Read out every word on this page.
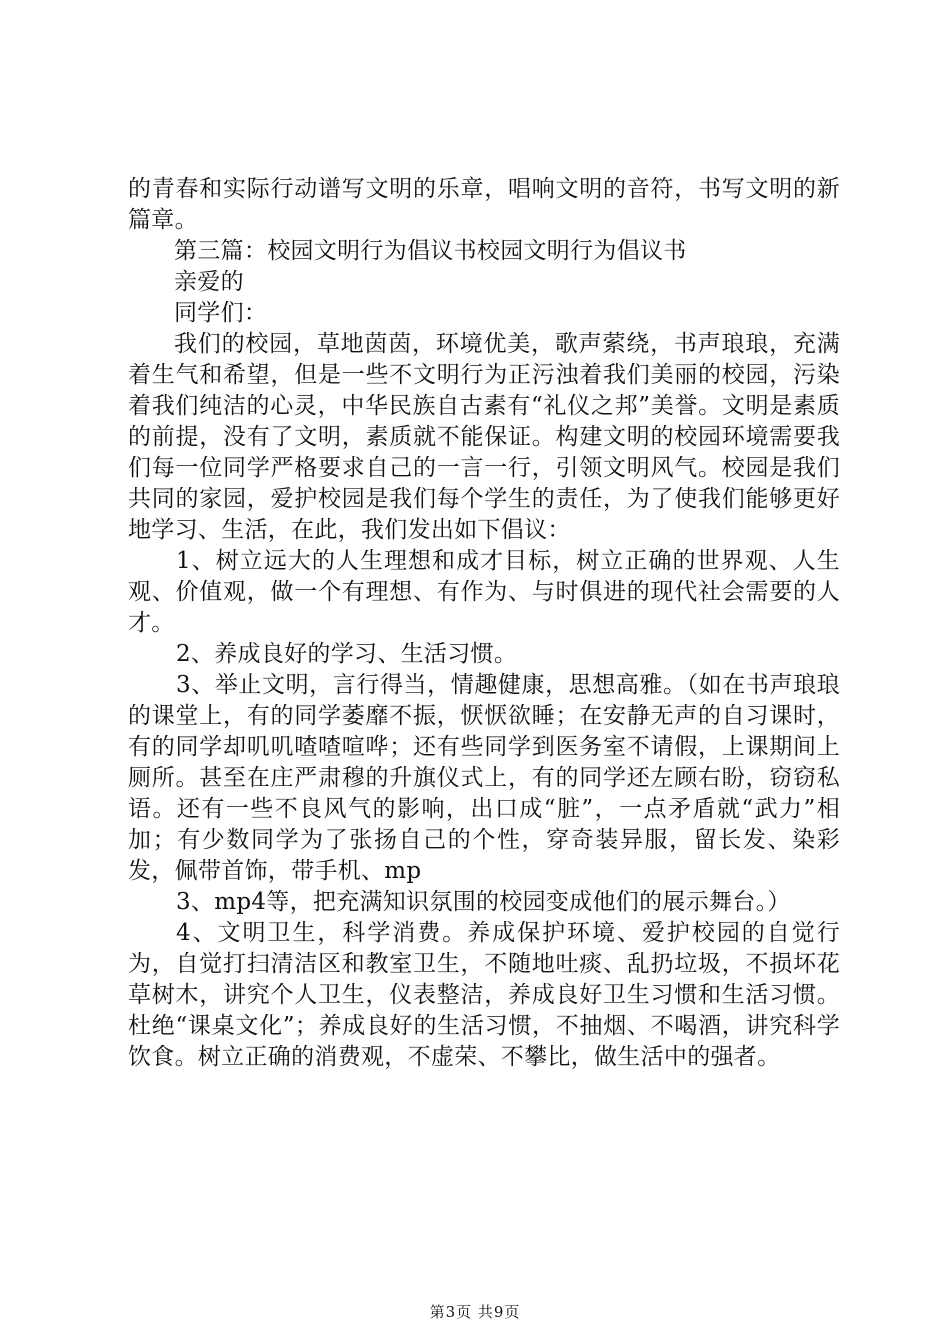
的青春和实际行动谱写文明的乐章，唱响文明的音符，书写文明的新篇章。

第三篇：校园文明行为倡议书校园文明行为倡议书

亲爱的

同学们：

我们的校园，草地茵茵，环境优美，歌声萦绕，书声琅琅，充满着生气和希望，但是一些不文明行为正污浊着我们美丽的校园，污染着我们纯洁的心灵，中华民族自古素有“礼仪之邦”美誉。文明是素质的前提，没有了文明，素质就不能保证。构建文明的校园环境需要我们每一位同学严格要求自己的一言一行，引领文明风气。校园是我们共同的家园，爱护校园是我们每个学生的责任，为了使我们能够更好地学习、生活，在此，我们发出如下倡议：

1、树立远大的人生理想和成才目标，树立正确的世界观、人生观、价值观，做一个有理想、有作为、与时俱进的现代社会需要的人才。

2、养成良好的学习、生活习惯。

3、举止文明，言行得当，情趣健康，思想高雅。（如在书声琅琅的课堂上，有的同学萎靡不振，恹恹欲睡；在安静无声的自习课时，有的同学却叽叽喳喳喧哗；还有些同学到医务室不请假，上课期间上厕所。甚至在庄严肃穆的升旗仪式上，有的同学还左顾右盼，窃窃私语。还有一些不良风气的影响，出口成“脏”，一点矛盾就“武力”相加；有少数同学为了张扬自己的个性，穿奇装异服，留长发、染彩发，佩带首饰，带手机、mp

3、mp4等，把充满知识氛围的校园变成他们的展示舞台。）

4、文明卫生，科学消费。养成保护环境、爱护校园的自觉行为，自觉打扫清洁区和教室卫生，不随地吐痰、乱扔垃圾，不损坏花草树木，讲究个人卫生，仪表整洁，养成良好卫生习惯和生活习惯。杜绝“课桌文化”；养成良好的生活习惯，不抽烟、不喝酒，讲究科学饮食。树立正确的消费观，不虚荣、不攀比，做生活中的强者。

第3页 共9页
